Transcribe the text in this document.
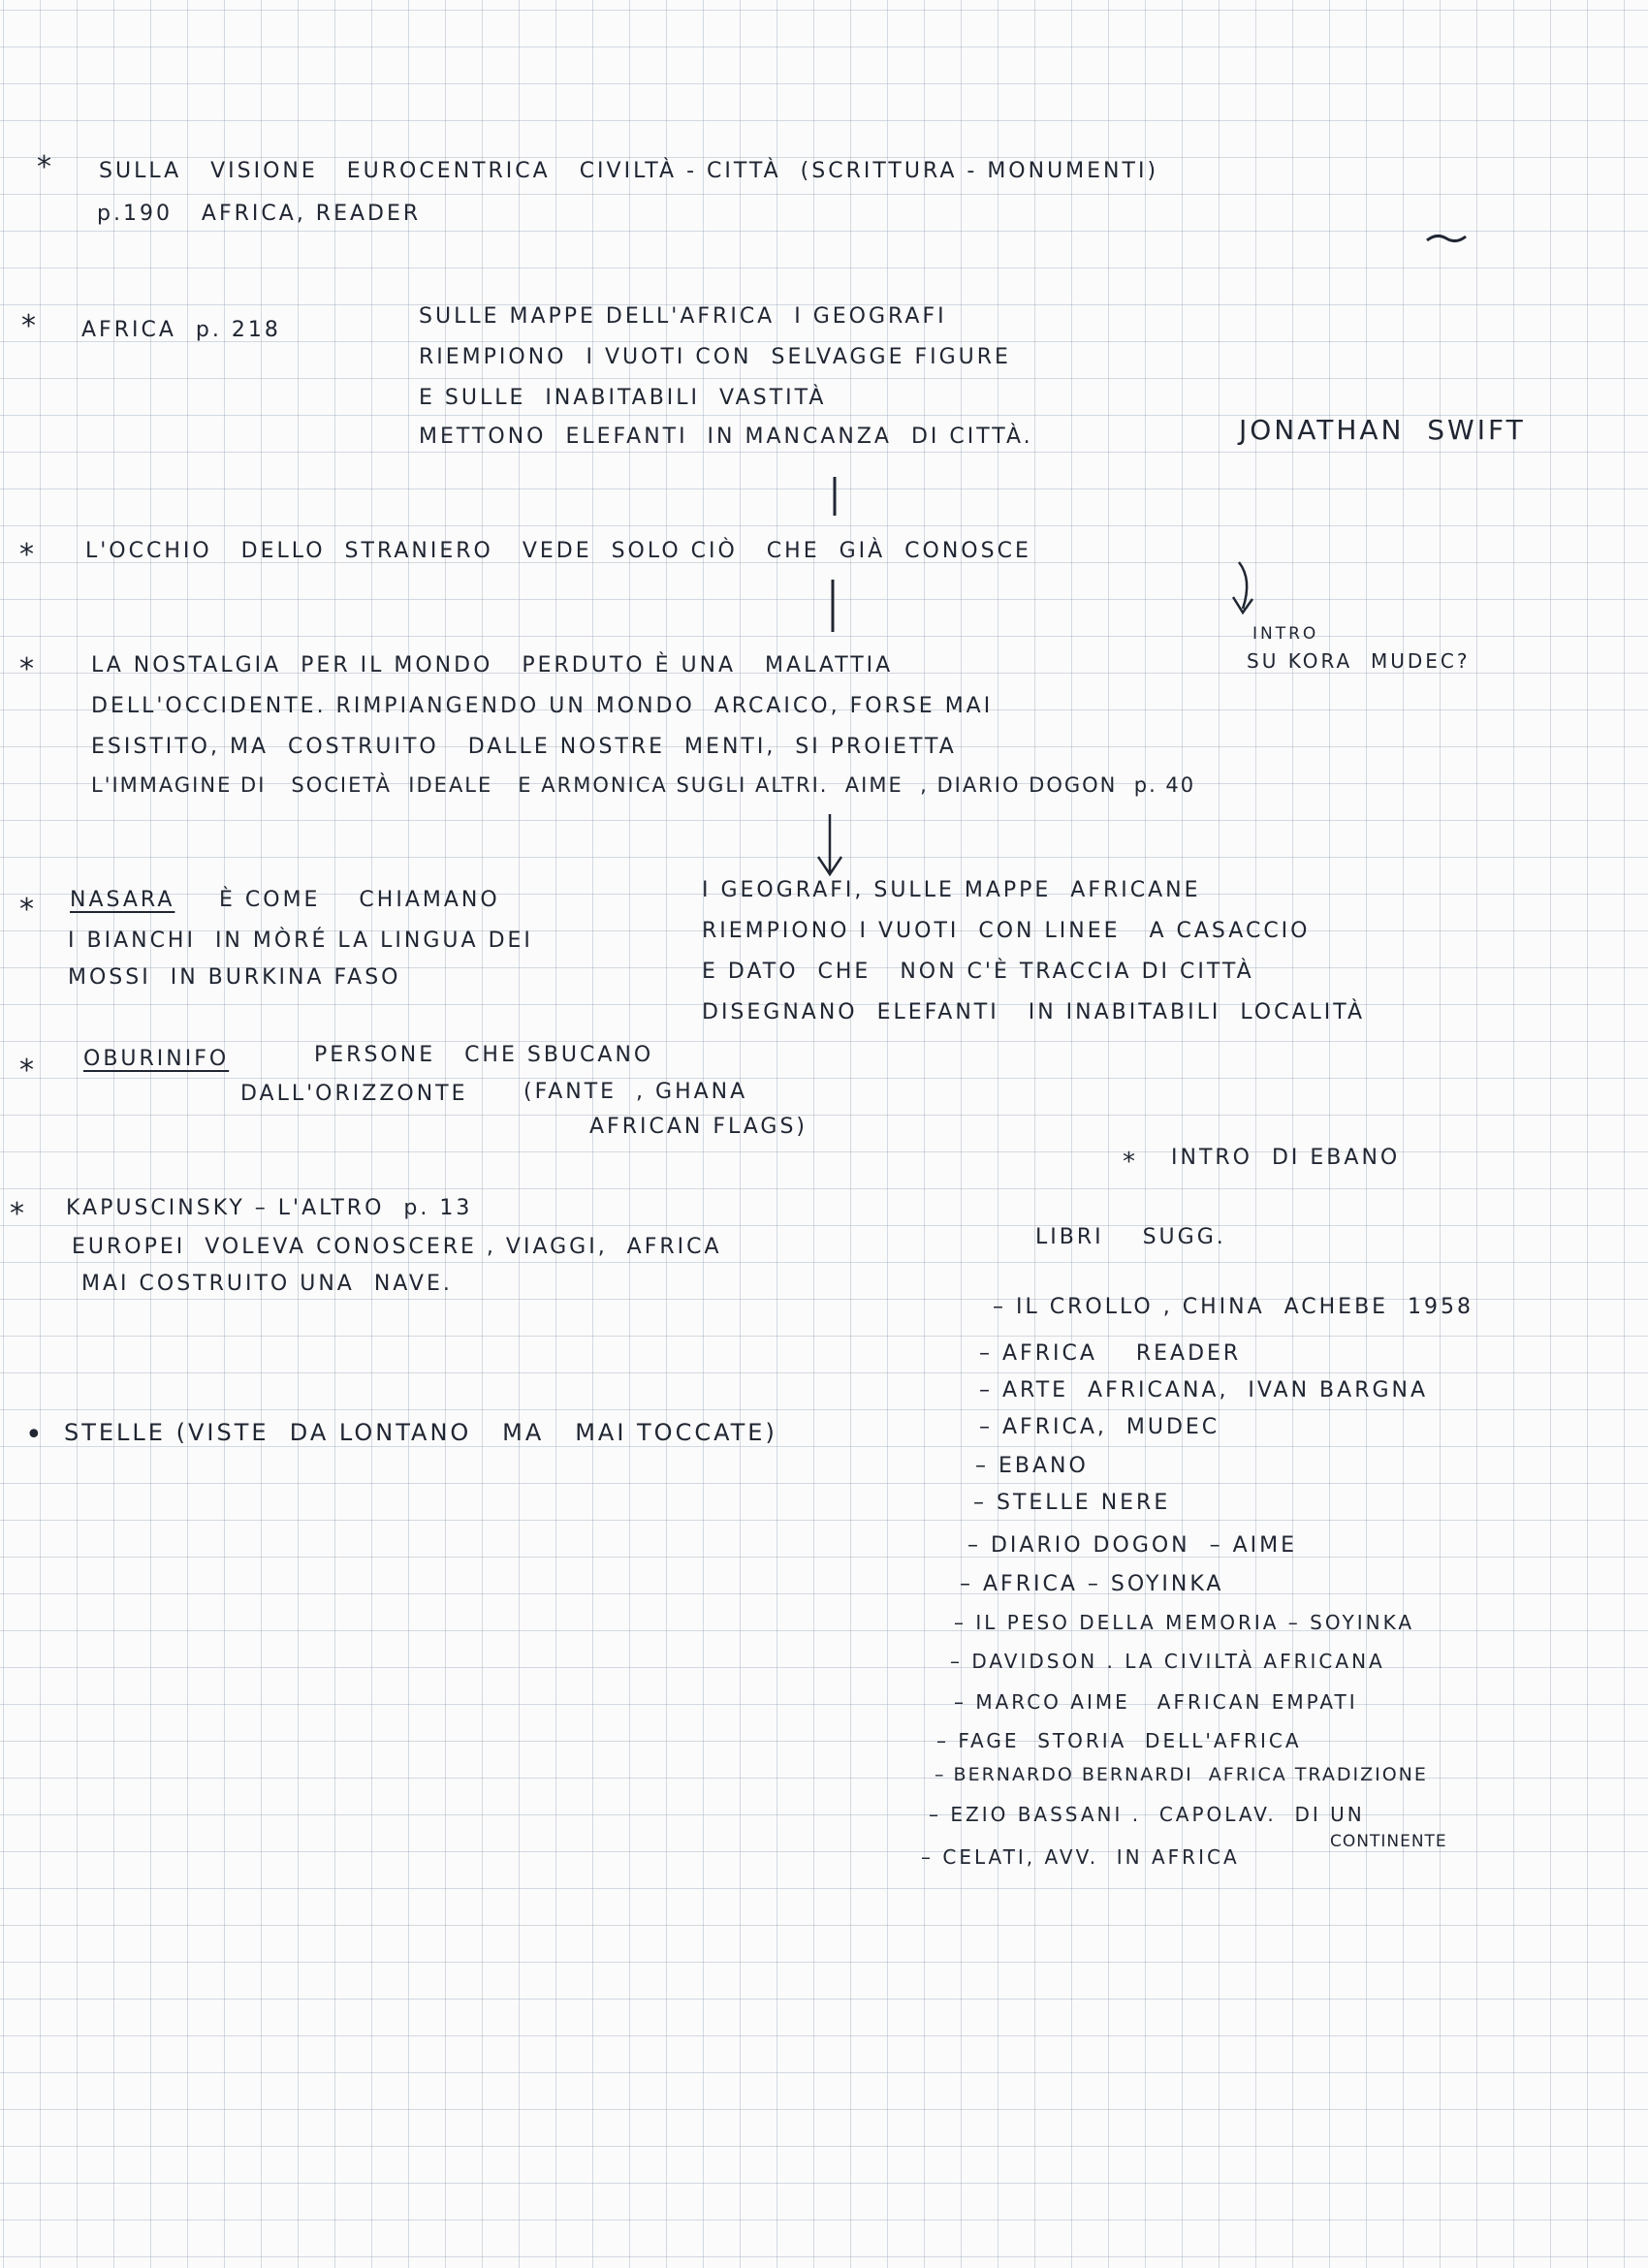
* SULLA   VISIONE   EUROCENTRICA   CIVILTÀ - CITTÀ  (SCRITTURA - MONUMENTI)
p.190   AFRICA, READER
* AFRICA  p. 218
SULLE MAPPE DELL'AFRICA  I GEOGRAFI
RIEMPIONO  I VUOTI CON  SELVAGGE FIGURE
E SULLE  INABITABILI  VASTITÀ
METTONO  ELEFANTI  IN MANCANZA  DI CITTÀ.	JONATHAN  SWIFT
* L'OCCHIO   DELLO  STRANIERO   VEDE  SOLO CIÒ   CHE  GIÀ  CONOSCE
INTRO
SU KORA  MUDEC?
*	LA NOSTALGIA  PER IL MONDO   PERDUTO È UNA   MALATTIA
DELL'OCCIDENTE. RIMPIANGENDO UN MONDO  ARCAICO, FORSE MAI
ESISTITO, MA  COSTRUITO   DALLE NOSTRE  MENTI,  SI PROIETTA
L'IMMAGINE DI   SOCIETÀ  IDEALE   E ARMONICA SUGLI ALTRI.  AIME  , DIARIO DOGON  p. 40
* NASARA È COME    CHIAMANO
I BIANCHI  IN MÒRÉ LA LINGUA DEI
MOSSI  IN BURKINA FASO
I GEOGRAFI, SULLE MAPPE  AFRICANE
RIEMPIONO I VUOTI  CON LINEE   A CASACCIO
E DATO  CHE   NON C'È TRACCIA DI CITTÀ
DISEGNANO  ELEFANTI   IN INABITABILI  LOCALITÀ
* OBURINIFO	PERSONE   CHE SBUCANO
DALL'ORIZZONTE	(FANTE  , GHANA
AFRICAN FLAGS)
* INTRO  DI EBANO
* KAPUSCINSKY – L'ALTRO  p. 13
EUROPEI  VOLEVA CONOSCERE , VIAGGI,  AFRICA
MAI COSTRUITO UNA  NAVE.
LIBRI    SUGG.
– IL CROLLO , CHINA  ACHEBE  1958
– AFRICA    READER
– ARTE  AFRICANA,  IVAN BARGNA
– AFRICA,  MUDEC
– EBANO
– STELLE NERE
– DIARIO DOGON  – AIME
– AFRICA – SOYINKA
– IL PESO DELLA MEMORIA – SOYINKA
– DAVIDSON . LA CIVILTÀ AFRICANA
– MARCO AIME   AFRICAN EMPATI
– FAGE  STORIA  DELL'AFRICA
– BERNARDO BERNARDI  AFRICA TRADIZIONE
– EZIO BASSANI .  CAPOLAV.  DI UN
– CELATI, AVV.  IN AFRICA
CONTINENTE
• STELLE (VISTE  DA LONTANO   MA   MAI TOCCATE)
